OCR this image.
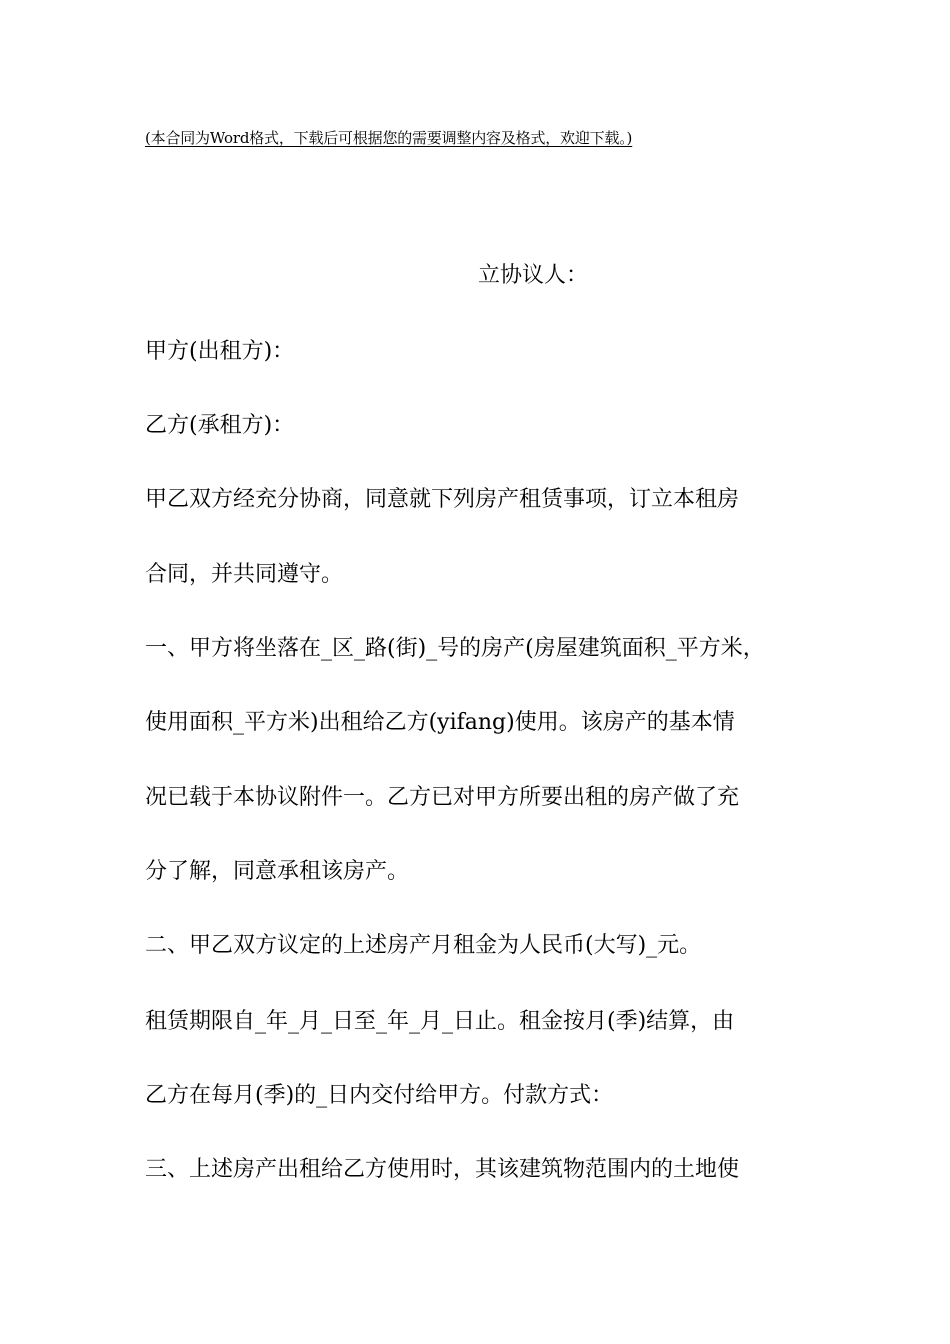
(本合同为Word格式，下载后可根据您的需要调整内容及格式，欢迎下载。)
立协议人：
甲方(出租方)：
乙方(承租方)：
甲乙双方经充分协商，同意就下列房产租赁事项，订立本租房
合同，并共同遵守。
一、甲方将坐落在_区_路(街)_号的房产(房屋建筑面积_平方米，
使用面积_平方米)出租给乙方(yifang)使用。该房产的基本情
况已载于本协议附件一。乙方已对甲方所要出租的房产做了充
分了解，同意承租该房产。
二、甲乙双方议定的上述房产月租金为人民币(大写)_元。
租赁期限自_年_月_日至_年_月_日止。租金按月(季)结算，由
乙方在每月(季)的_日内交付给甲方。付款方式：
三、上述房产出租给乙方使用时，其该建筑物范围内的土地使
